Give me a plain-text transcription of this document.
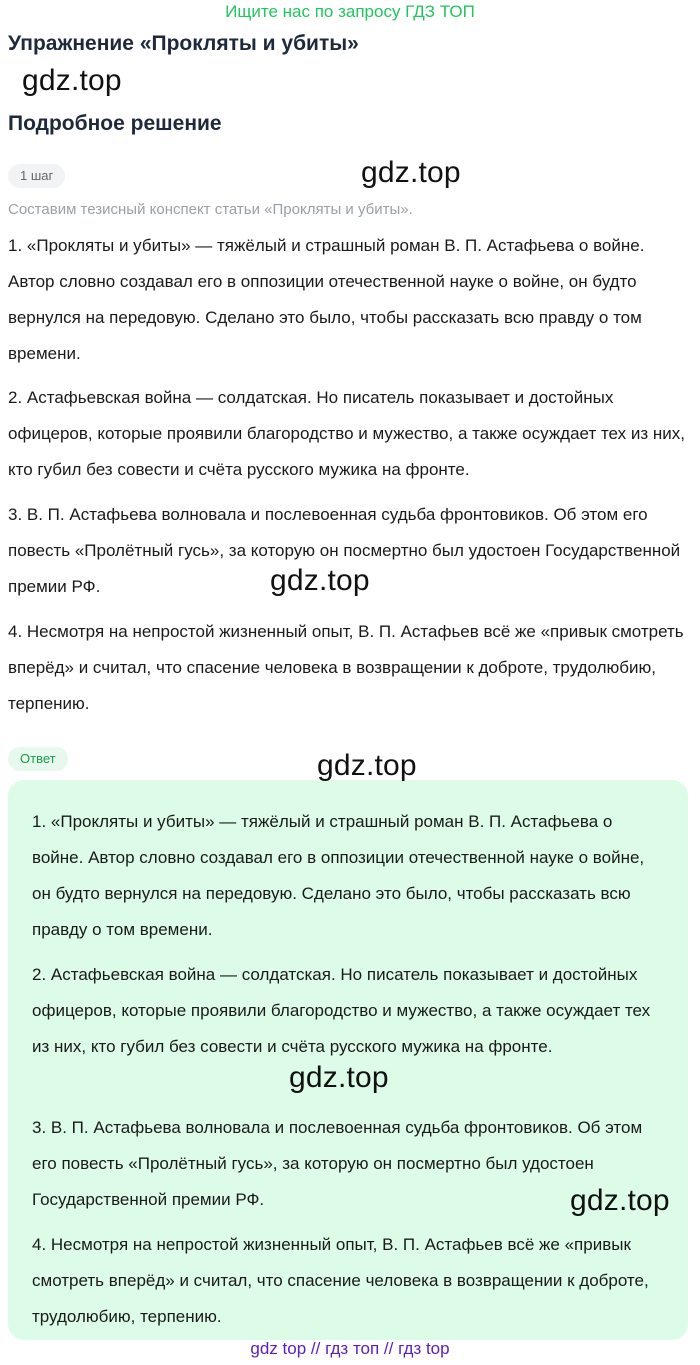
Ищите нас по запросу ГДЗ ТОП
Упражнение «Прокляты и убиты»
gdz.top
Подробное решение
1 шаг	gdz.top
Составим тезисный конспект статьи «Прокляты и убиты».

1. «Прокляты и убиты» — тяжёлый и страшный роман В. П. Астафьева о войне. Автор словно создавал его в оппозиции отечественной науке о войне, он будто вернулся на передовую. Сделано это было, чтобы рассказать всю правду о том времени.

2. Астафьевская война — солдатская. Но писатель показывает и достойных офицеров, которые проявили благородство и мужество, а также осуждает тех из них, кто губил без совести и счёта русского мужика на фронте.

3. В. П. Астафьева волновала и послевоенная судьба фронтовиков. Об этом его повесть «Пролётный гусь», за которую он посмертно был удостоен Государственной премии РФ.	gdz.top

4. Несмотря на непростой жизненный опыт, В. П. Астафьев всё же «привык смотреть вперёд» и считал, что спасение человека в возвращении к доброте, трудолюбию, терпению.

Ответ	gdz.top

1. «Прокляты и убиты» — тяжёлый и страшный роман В. П. Астафьева о войне. Автор словно создавал его в оппозиции отечественной науке о войне, он будто вернулся на передовую. Сделано это было, чтобы рассказать всю правду о том времени.

2. Астафьевская война — солдатская. Но писатель показывает и достойных офицеров, которые проявили благородство и мужество, а также осуждает тех из них, кто губил без совести и счёта русского мужика на фронте.

gdz.top

3. В. П. Астафьева волновала и послевоенная судьба фронтовиков. Об этом его повесть «Пролётный гусь», за которую он посмертно был удостоен Государственной премии РФ.	gdz.top

4. Несмотря на непростой жизненный опыт, В. П. Астафьев всё же «привык смотреть вперёд» и считал, что спасение человека в возвращении к доброте, трудолюбию, терпению.

gdz top // гдз топ // гдз top
